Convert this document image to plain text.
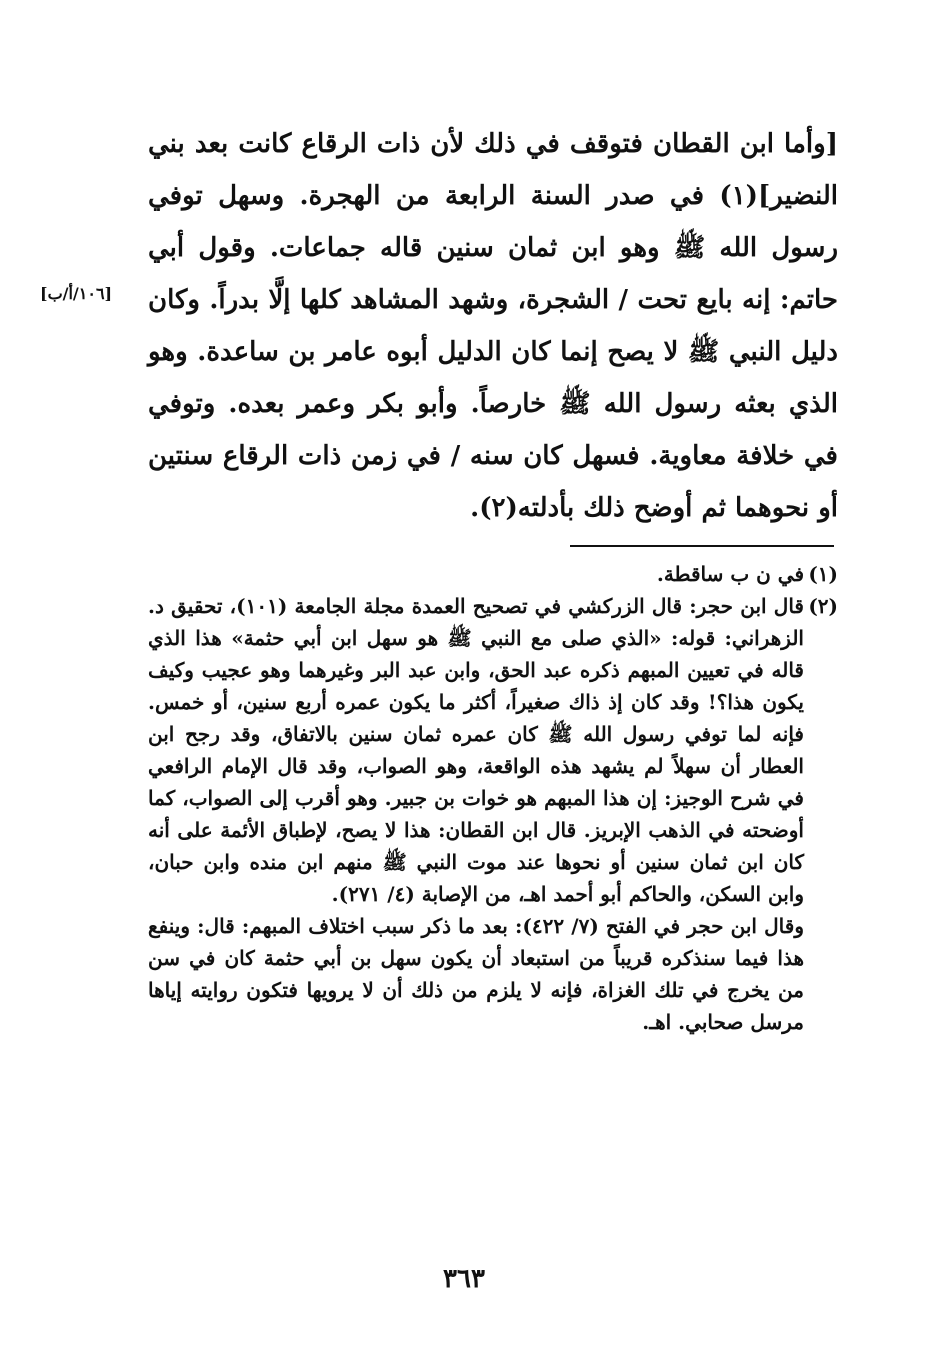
[وأما ابن القطان فتوقف في ذلك لأن ذات الرقاع كانت بعد بني النضير](١) في صدر السنة الرابعة من الهجرة. وسهل توفي رسول الله ﷺ وهو ابن ثمان سنين قاله جماعات. وقول أبي حاتم: إنه بايع تحت / الشجرة، وشهد المشاهد كلها إلَّا بدراً. وكان دليل النبي ﷺ لا يصح إنما كان الدليل أبوه عامر بن ساعدة. وهو الذي بعثه رسول الله ﷺ خارصاً. وأبو بكر وعمر بعده. وتوفي في خلافة معاوية. فسهل كان سنه / في زمن ذات الرقاع سنتين أو نحوهما ثم أوضح ذلك بأدلته(٢).

[١٠٦/أ/ب]
(١)

في ن ب ساقطة.

(٢)

قال ابن حجر: قال الزركشي في تصحيح العمدة مجلة الجامعة (١٠١)، تحقيق د. الزهراني: قوله: «الذي صلى مع النبي ﷺ هو سهل ابن أبي حثمة» هذا الذي قاله في تعيين المبهم ذكره عبد الحق، وابن عبد البر وغيرهما وهو عجيب وكيف يكون هذا؟! وقد كان إذ ذاك صغيراً، أكثر ما يكون عمره أربع سنين، أو خمس. فإنه لما توفي رسول الله ﷺ كان عمره ثمان سنين بالاتفاق، وقد رجح ابن العطار أن سهلاً لم يشهد هذه الواقعة، وهو الصواب، وقد قال الإمام الرافعي في شرح الوجيز: إن هذا المبهم هو خوات بن جبير. وهو أقرب إلى الصواب، كما أوضحته في الذهب الإبريز. قال ابن القطان: هذا لا يصح، لإطباق الأئمة على أنه كان ابن ثمان سنين أو نحوها عند موت النبي ﷺ منهم ابن منده وابن حبان، وابن السكن، والحاكم أبو أحمد اهـ، من الإصابة (٤/ ٢٧١).

وقال ابن حجر في الفتح (٧/ ٤٢٢): بعد ما ذكر سبب اختلاف المبهم: قال: وينفع هذا فيما سنذكره قريباً من استبعاد أن يكون سهل بن أبي حثمة كان في سن من يخرج في تلك الغزاة، فإنه لا يلزم من ذلك أن لا يرويها فتكون روايته إياها مرسل صحابي. اهـ.

٣٦٣
